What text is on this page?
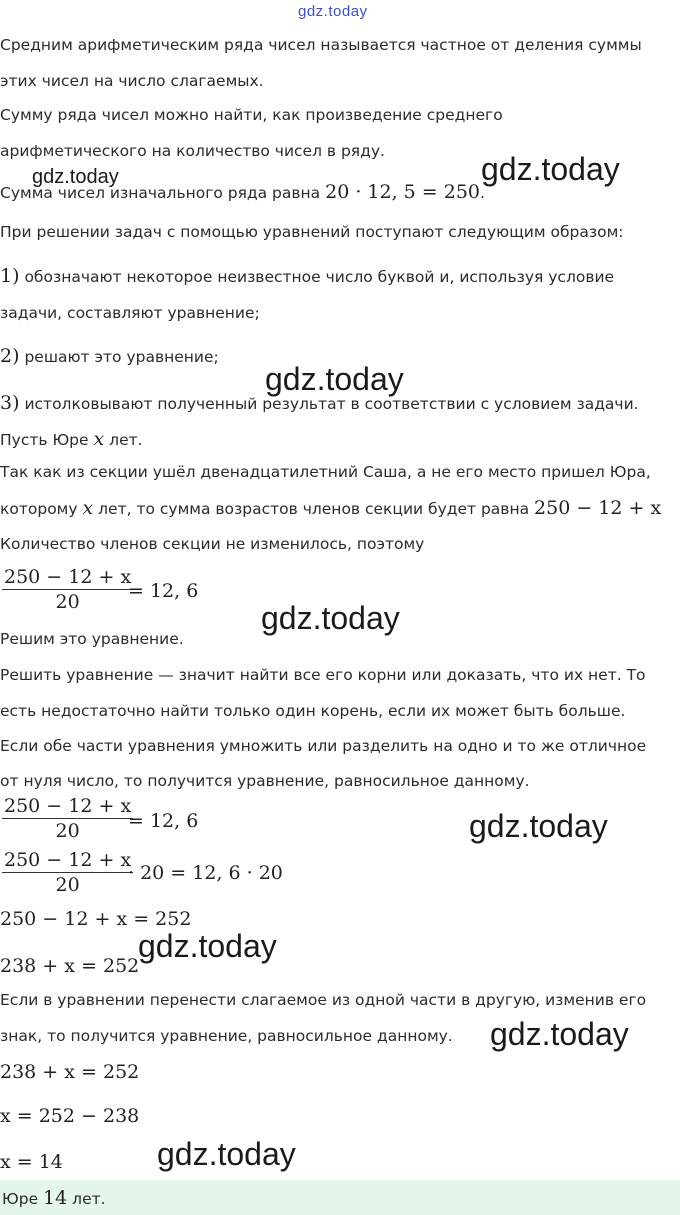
gdz.today
Средним арифметическим ряда чисел называется частное от деления суммы
этих чисел на число слагаемых.
Сумму ряда чисел можно найти, как произведение среднего
арифметического на количество чисел в ряду.
Сумма чисел изначального ряда равна 20 · 12, 5 = 250.
При решении задач с помощью уравнений поступают следующим образом:
1) обозначают некоторое неизвестное число буквой и, используя условие
задачи, составляют уравнение;
2) решают это уравнение;
3) истолковывают полученный результат в соответствии с условием задачи.
Пусть Юре x лет.
Так как из секции ушёл двенадцатилетний Саша, а не его место пришел Юра,
которому x лет, то сумма возрастов членов секции будет равна 250 − 12 + x
Количество членов секции не изменилось, поэтому
$\frac{250 - 12 + x}{20}$
= 12, 6
Решим это уравнение.
Решить уравнение — значит найти все его корни или доказать, что их нет. То
есть недостаточно найти только один корень, если их может быть больше.
Если обе части уравнения умножить или разделить на одно и то же отличное
от нуля число, то получится уравнение, равносильное данному.
$\frac{250 - 12 + x}{20}$
= 12, 6
$\frac{250 - 12 + x}{20}$
· 20 = 12, 6 · 20
250 − 12 + x = 252
238 + x = 252
Если в уравнении перенести слагаемое из одной части в другую, изменив его
знак, то получится уравнение, равносильное данному.
238 + x = 252
x = 252 − 238
x = 14
Юре 14 лет.
gdz.today	gdz.today
gdz.today
gdz.today
gdz.today
gdz.today
gdz.today
gdz.today
